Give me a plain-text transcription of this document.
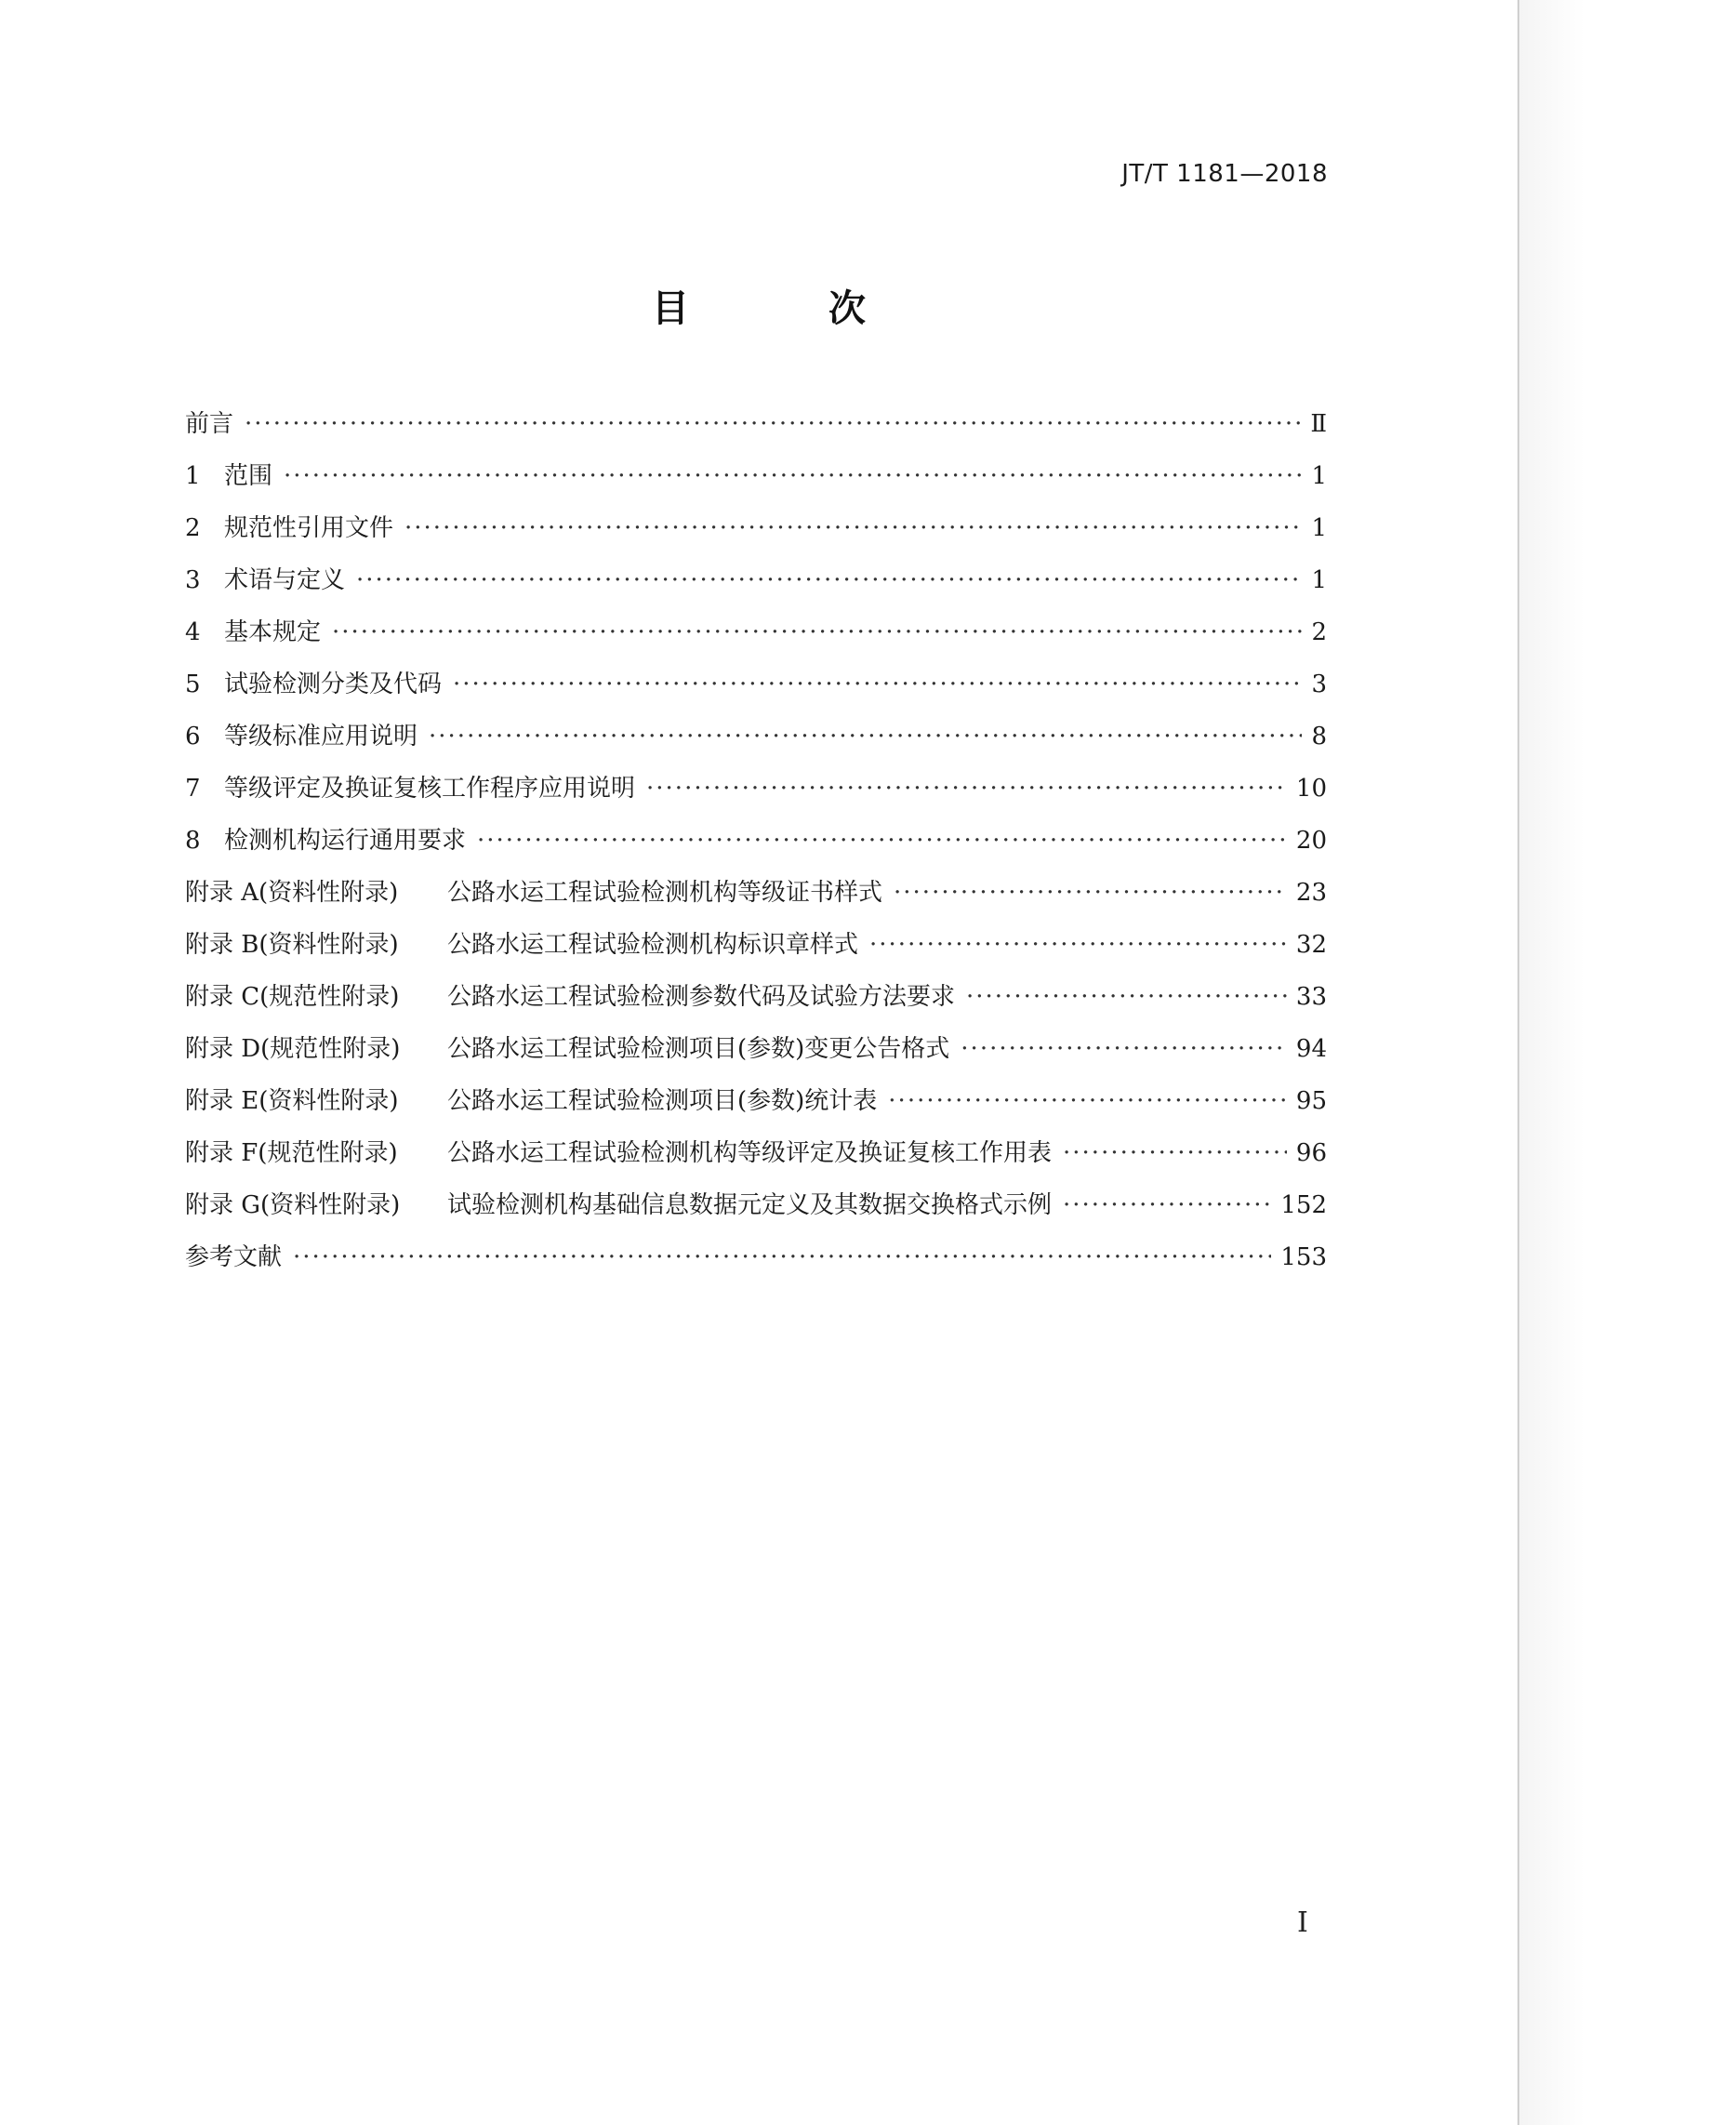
JT/T 1181—2018
目 次
前言 ·····	Ⅱ
1 范围 ·····	1
2 规范性引用文件 ·····	1
3 术语与定义 ·····	1
4 基本规定 ·····	2
5 试验检测分类及代码 ·····	3
6 等级标准应用说明 ·····	8
7 等级评定及换证复核工作程序应用说明 ·····	10
8 检测机构运行通用要求 ·····	20
附录 A(资料性附录) 公路水运工程试验检测机构等级证书样式 ·····	23
附录 B(资料性附录) 公路水运工程试验检测机构标识章样式 ·····	32
附录 C(规范性附录) 公路水运工程试验检测参数代码及试验方法要求 ·····	33
附录 D(规范性附录) 公路水运工程试验检测项目(参数)变更公告格式 ·····	94
附录 E(资料性附录) 公路水运工程试验检测项目(参数)统计表 ·····	95
附录 F(规范性附录) 公路水运工程试验检测机构等级评定及换证复核工作用表 ·····	96
附录 G(资料性附录) 试验检测机构基础信息数据元定义及其数据交换格式示例 ·····	152
参考文献 ·····	153
I
